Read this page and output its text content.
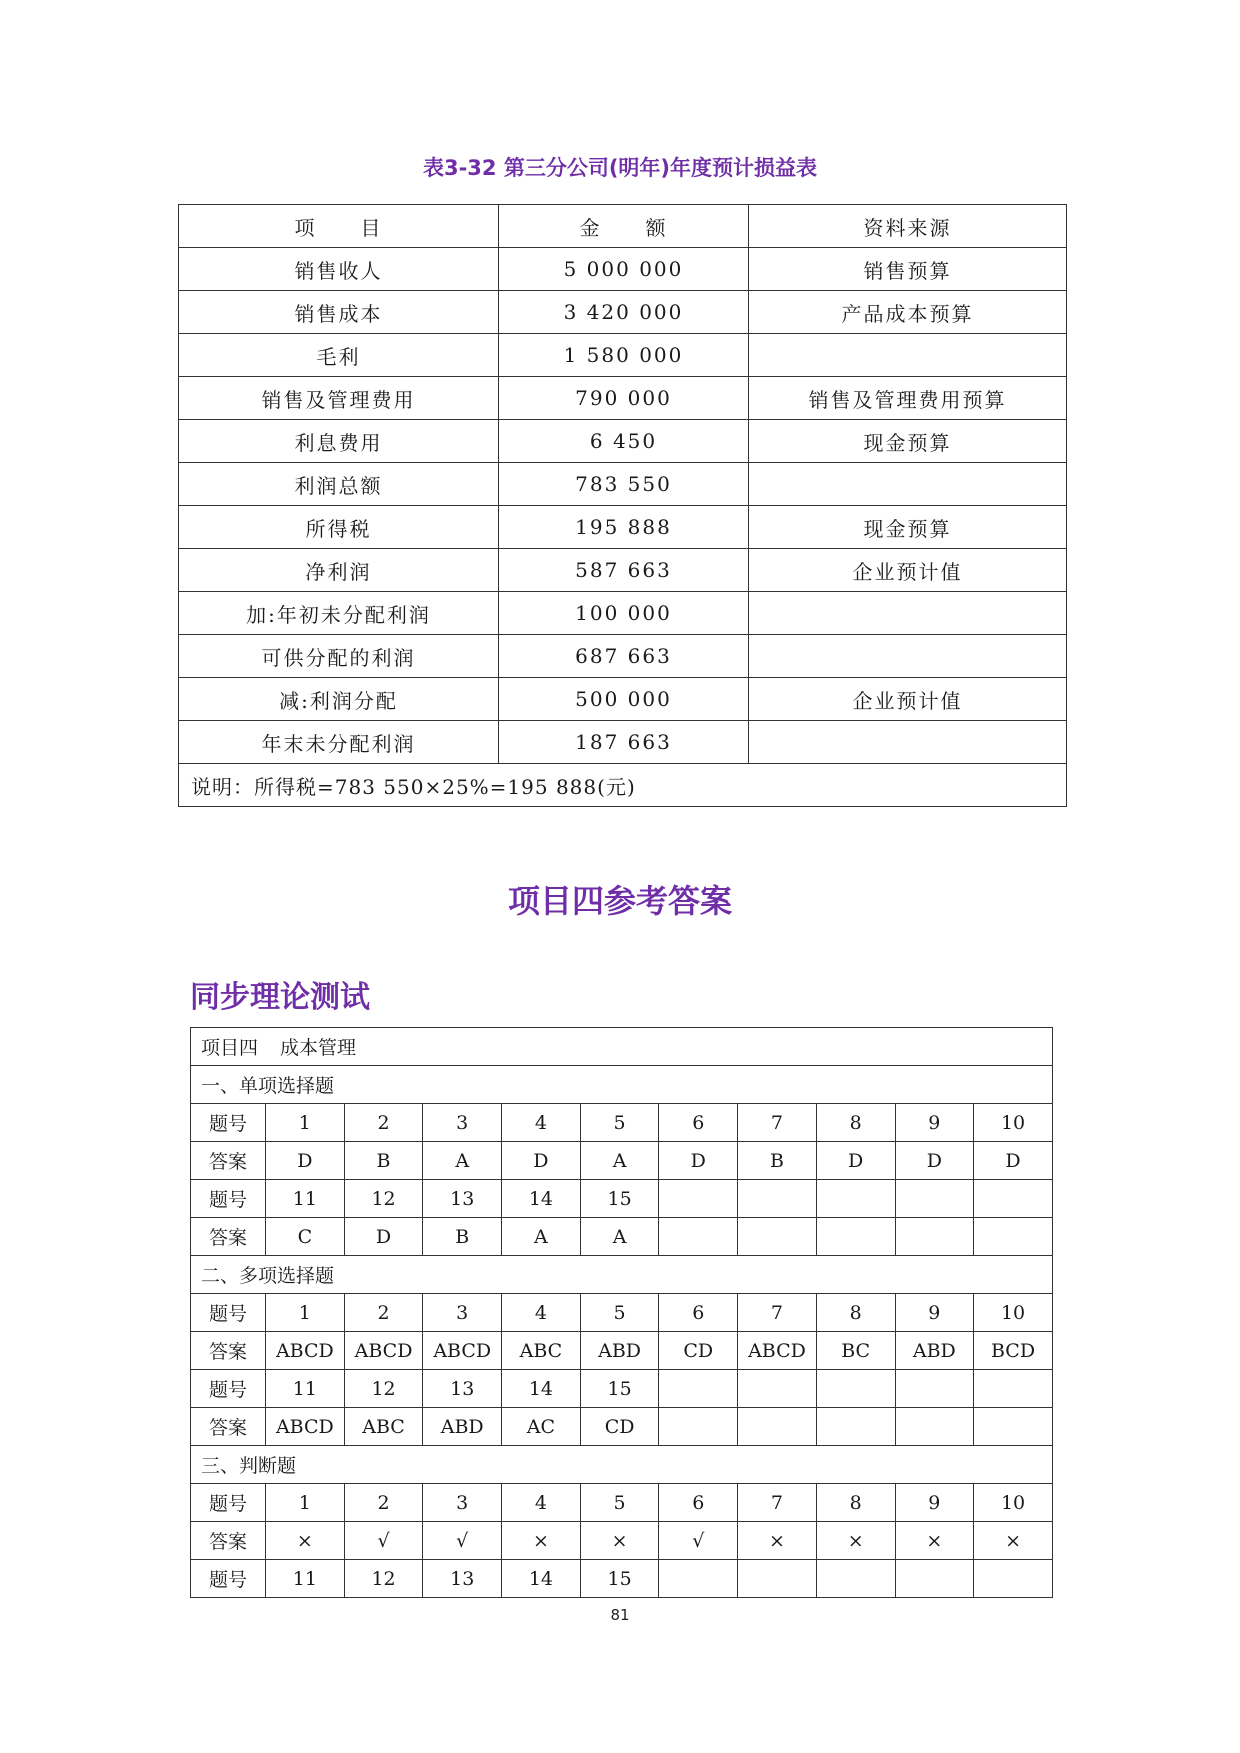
表3-32 第三分公司(明年)年度预计损益表
项　　目	金　　额	资料来源
销售收人	5 000 000	销售预算
销售成本	3 420 000	产品成本预算
毛利	1 580 000	
销售及管理费用	790 000	销售及管理费用预算
利息费用	6 450	现金预算
利润总额	783 550	
所得税	195 888	现金预算
净利润	587 663	企业预计值
加:年初未分配利润	100 000	
可供分配的利润	687 663	
减:利润分配	500 000	企业预计值
年末未分配利润	187 663	
说明：所得税=783 550×25%=195 888(元)		
项目四参考答案
同步理论测试
项目四 成本管理										
一、单项选择题										
题号	1	2	3	4	5	6	7	8	9	10
答案	D	B	A	D	A	D	B	D	D	D
题号	11	12	13	14	15					
答案	C	D	B	A	A					
二、多项选择题										
题号	1	2	3	4	5	6	7	8	9	10
答案	ABCD	ABCD	ABCD	ABC	ABD	CD	ABCD	BC	ABD	BCD
题号	11	12	13	14	15					
答案	ABCD	ABC	ABD	AC	CD					
三、判断题										
题号	1	2	3	4	5	6	7	8	9	10
答案	×	√	√	×	×	√	×	×	×	×
题号	11	12	13	14	15					
81
